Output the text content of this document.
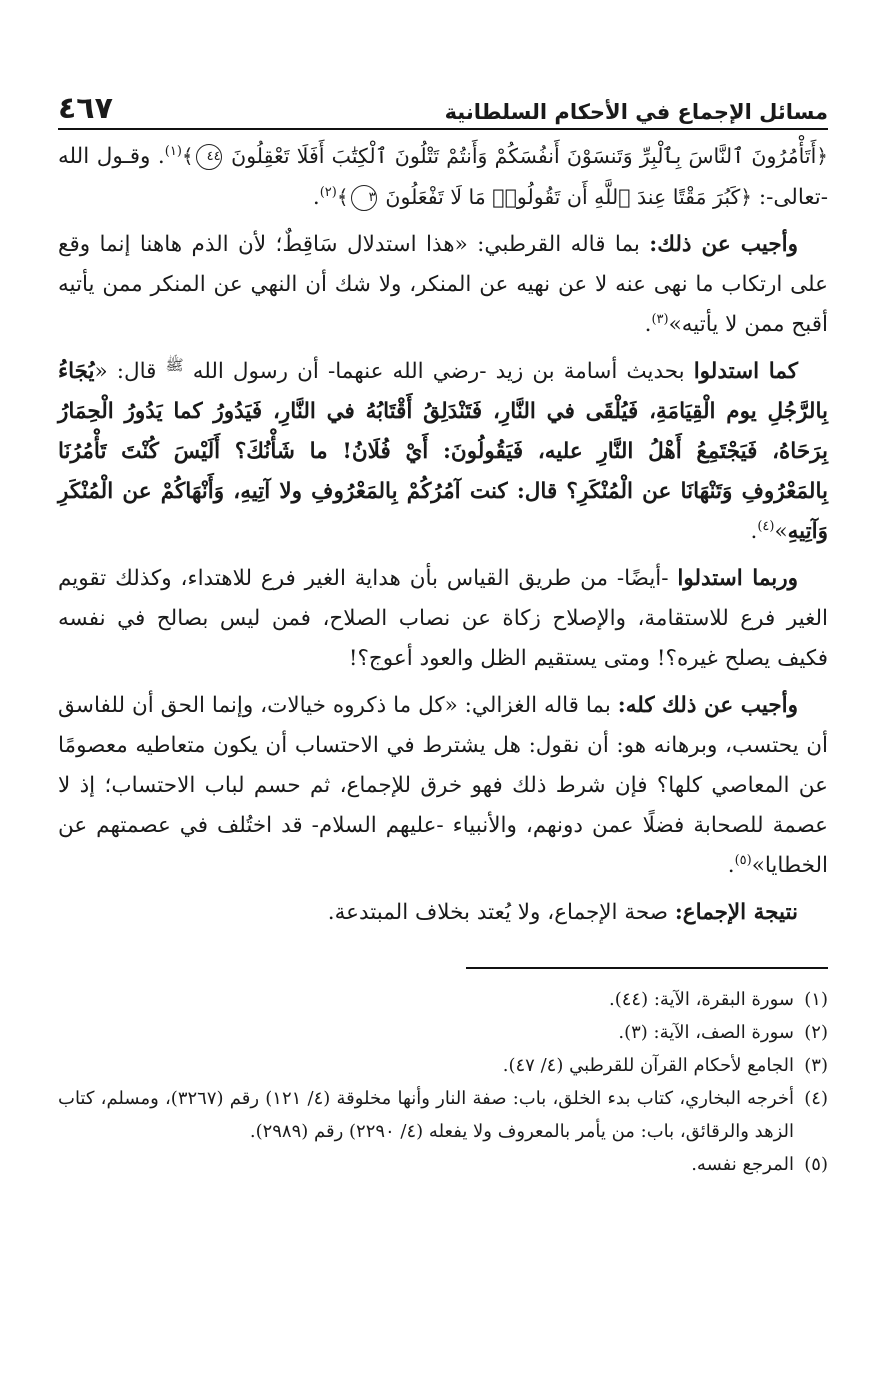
مسائل الإجماع في الأحكام السلطانية
٤٦٧

﴿أَتَأْمُرُونَ ٱلنَّاسَ بِٱلْبِرِّ وَتَنسَوْنَ أَنفُسَكُمْ وَأَنتُمْ تَتْلُونَ ٱلْكِتَٰبَ أَفَلَا تَعْقِلُونَ ٤٤﴾$^{(١)}$. وقـول الله -تعالى-: ﴿كَبُرَ مَقْتًا عِندَ ٱللَّهِ أَن تَقُولُوا۟ مَا لَا تَفْعَلُونَ ٣﴾$^{(٢)}$.

وأجيب عن ذلك: بما قاله القرطبي: «هذا استدلال سَاقِطٌ؛ لأن الذم هاهنا إنما وقع على ارتكاب ما نهى عنه لا عن نهيه عن المنكر، ولا شك أن النهي عن المنكر ممن يأتيه أقبح ممن لا يأتيه»$^{(٣)}$.

كما استدلوا بحديث أسامة بن زيد -رضي الله عنهما- أن رسول الله $^ﷺ$ قال: «يُجَاءُ بِالرَّجُلِ يوم الْقِيَامَةِ، فَيُلْقَى في النَّارِ، فَتَنْدَلِقُ أَقْتَابُهُ في النَّارِ، فَيَدُورُ كما يَدُورُ الْحِمَارُ بِرَحَاهُ، فَيَجْتَمِعُ أَهْلُ النَّارِ عليه، فَيَقُولُونَ: أَيْ فُلَانُ! ما شَأْنُكَ؟ أَلَيْسَ كُنْتَ تَأْمُرُنَا بِالمَعْرُوفِ وَتَنْهَانَا عن الْمُنْكَرِ؟ قال: كنت آمُرُكُمْ بِالمَعْرُوفِ ولا آتِيهِ، وَأَنْهَاكُمْ عن الْمُنْكَرِ وَآتِيهِ»$^{(٤)}$.

وربما استدلوا -أيضًا- من طريق القياس بأن هداية الغير فرع للاهتداء، وكذلك تقويم الغير فرع للاستقامة، والإصلاح زكاة عن نصاب الصلاح، فمن ليس بصالح في نفسه فكيف يصلح غيره؟! ومتى يستقيم الظل والعود أعوج؟!

وأجيب عن ذلك كله: بما قاله الغزالي: «كل ما ذكروه خيالات، وإنما الحق أن للفاسق أن يحتسب، وبرهانه هو: أن نقول: هل يشترط في الاحتساب أن يكون متعاطيه معصومًا عن المعاصي كلها؟ فإن شرط ذلك فهو خرق للإجماع، ثم حسم لباب الاحتساب؛ إذ لا عصمة للصحابة فضلًا عمن دونهم، والأنبياء -عليهم السلام- قد اختُلف في عصمتهم عن الخطايا»$^{(٥)}$.

نتيجة الإجماع: صحة الإجماع، ولا يُعتد بخلاف المبتدعة.

(١)
سورة البقرة، الآية: (٤٤).
(٢)
سورة الصف، الآية: (٣).
(٣)
الجامع لأحكام القرآن للقرطبي (٤/ ٤٧).
(٤)
أخرجه البخاري، كتاب بدء الخلق، باب: صفة النار وأنها مخلوقة (٤/ ١٢١) رقم (٣٢٦٧)، ومسلم، كتاب الزهد والرقائق، باب: من يأمر بالمعروف ولا يفعله (٤/ ٢٢٩٠) رقم (٢٩٨٩).
(٥)
المرجع نفسه.
